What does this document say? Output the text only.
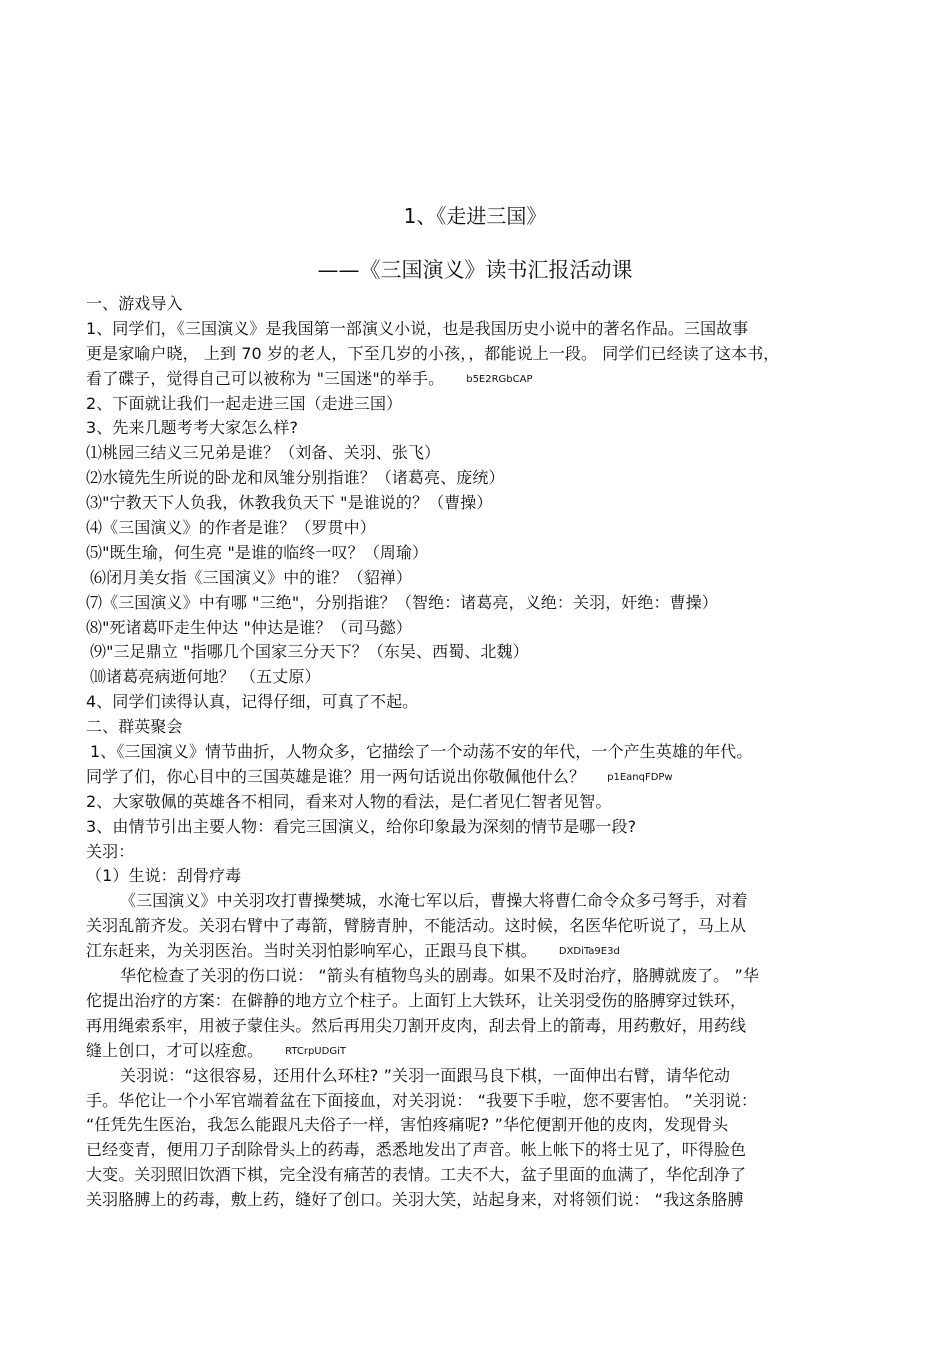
1、《走进三国》
——《三国演义》读书汇报活动课
一、游戏导入
1、同学们，《三国演义》是我国第一部演义小说，也是我国历史小说中的著名作品。三国故事
更是家喻户晓， 上到 70 岁的老人，下至几岁的小孩，，都能说上一段。 同学们已经读了这本书，
看了碟子，觉得自己可以被称为 "三国迷"的举手。 b5E2RGbCAP
2、下面就让我们一起走进三国（走进三国）
3、先来几题考考大家怎么样?
⑴桃园三结义三兄弟是谁？（刘备、关羽、张飞）
⑵水镜先生所说的卧龙和凤雏分别指谁？（诸葛亮、庞统）
⑶"宁教天下人负我，休教我负天下 "是谁说的？（曹操）
⑷《三国演义》的作者是谁？（罗贯中）
⑸"既生瑜，何生亮 "是谁的临终一叹？（周瑜）
⑹闭月美女指《三国演义》中的谁？（貂禅）
⑺《三国演义》中有哪 "三绝"，分别指谁？（智绝：诸葛亮，义绝：关羽，奸绝：曹操）
⑻"死诸葛吓走生仲达 "仲达是谁？（司马懿）
⑼"三足鼎立 "指哪几个国家三分天下？（东吴、西蜀、北魏）
⑽诸葛亮病逝何地？ （五丈原）
4、同学们读得认真，记得仔细，可真了不起。
二、群英聚会
1、《三国演义》情节曲折，人物众多，它描绘了一个动荡不安的年代，一个产生英雄的年代。
同学了们，你心目中的三国英雄是谁？用一两句话说出你敬佩他什么？ p1EanqFDPw
2、大家敬佩的英雄各不相同，看来对人物的看法，是仁者见仁智者见智。
3、由情节引出主要人物：看完三国演义，给你印象最为深刻的情节是哪一段?
关羽：
（1）生说：刮骨疗毒
《三国演义》中关羽攻打曹操樊城，水淹七军以后，曹操大将曹仁命令众多弓弩手，对着
关羽乱箭齐发。关羽右臂中了毒箭，臂膀青肿，不能活动。这时候，名医华佗听说了，马上从
江东赶来，为关羽医治。当时关羽怕影响军心，正跟马良下棋。 DXDiTa9E3d
华佗检查了关羽的伤口说： “箭头有植物鸟头的剧毒。如果不及时治疗，胳膊就废了。 ”华
佗提出治疗的方案：在僻静的地方立个柱子。上面钉上大铁环，让关羽受伤的胳膊穿过铁环，
再用绳索系牢，用被子蒙住头。然后再用尖刀割开皮肉，刮去骨上的箭毒，用药敷好，用药线
缝上创口，才可以痊愈。 RTCrpUDGiT
关羽说：“这很容易，还用什么环柱? ”关羽一面跟马良下棋，一面伸出右臂，请华佗动
手。华佗让一个小军官端着盆在下面接血，对关羽说： “我要下手啦，您不要害怕。 ”关羽说：
“任凭先生医治，我怎么能跟凡夫俗子一样，害怕疼痛呢? ”华佗便割开他的皮肉，发现骨头
已经变青，便用刀子刮除骨头上的药毒，悉悉地发出了声音。帐上帐下的将士见了，吓得脸色
大变。关羽照旧饮酒下棋，完全没有痛苦的表情。工夫不大，盆子里面的血满了，华佗刮净了
关羽胳膊上的药毒，敷上药，缝好了创口。关羽大笑，站起身来，对将领们说： “我这条胳膊
